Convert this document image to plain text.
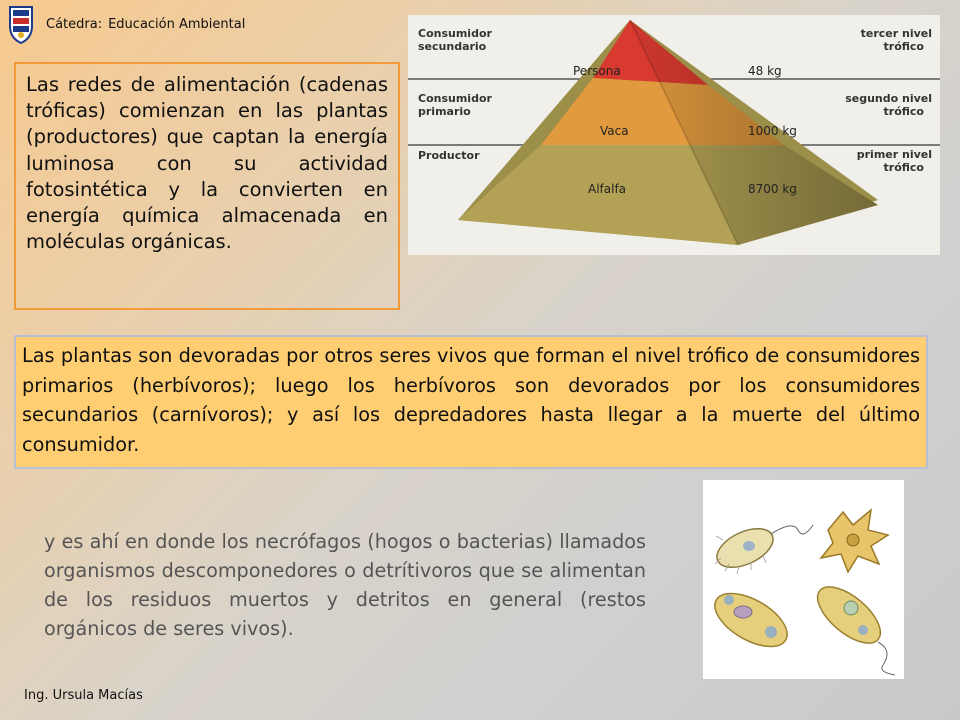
Cátedra: Educación Ambiental
Las redes de alimentación (cadenas tróficas) comienzan en las plantas (productores) que captan la energía luminosa con su actividad fotosintética y la convierten en energía química almacenada en moléculas orgánicas.
Consumidor
secundario
Consumidor
primario
Productor
tercer nivel
trófico
segundo nivel
trófico
primer nivel
trófico
Persona
Vaca
Alfalfa
48 kg
1000 kg
8700 kg
Las plantas son devoradas por otros seres vivos que forman el nivel trófico de consumidores primarios (herbívoros); luego los herbívoros son devorados por los consumidores secundarios (carnívoros); y así los depredadores hasta llegar a la muerte del último consumidor.
y es ahí en donde los necrófagos (hogos o bacterias) llamados organismos descomponedores o detrítivoros que se alimentan de los residuos muertos y detritos en general (restos orgánicos de seres vivos).
Ing. Ursula Macías
